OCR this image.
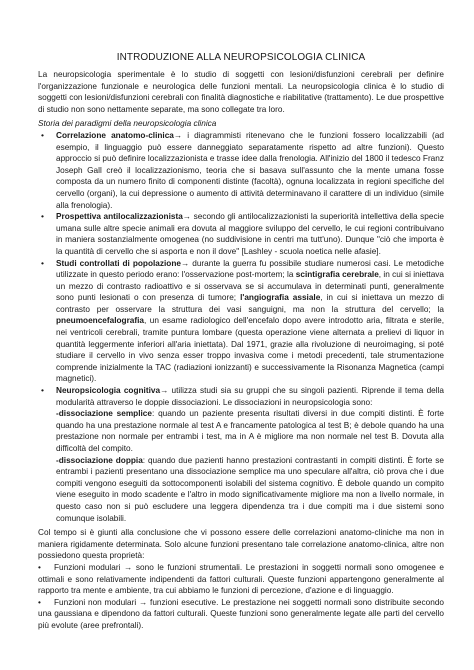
INTRODUZIONE ALLA NEUROPSICOLOGIA CLINICA

La neuropsicologia sperimentale è lo studio di soggetti con lesioni/disfunzioni cerebrali per definire l'organizzazione funzionale e neurologica delle funzioni mentali. La neuropsicologia clinica è lo studio di soggetti con lesioni/disfunzioni cerebrali con finalità diagnostiche e riabilitative (trattamento). Le due prospettive di studio non sono nettamente separate, ma sono collegate tra loro.

Storia dei paradigmi della neuropsicologia clinica

• Correlazione anatomo-clinica→ i diagrammisti ritenevano che le funzioni fossero localizzabili (ad esempio, il linguaggio può essere danneggiato separatamente rispetto ad altre funzioni). Questo approccio si può definire localizzazionista e trasse idee dalla frenologia. All'inizio del 1800 il tedesco Franz Joseph Gall creò il localizzazionismo, teoria che si basava sull'assunto che la mente umana fosse composta da un numero finito di componenti distinte (facoltà), ognuna localizzata in regioni specifiche del cervello (organi), la cui depressione o aumento di attività determinavano il carattere di un individuo (simile alla frenologia).
• Prospettiva antilocalizzazionista→ secondo gli antilocalizzazionisti la superiorità intellettiva della specie umana sulle altre specie animali era dovuta al maggiore sviluppo del cervello, le cui regioni contribuivano in maniera sostanzialmente omogenea (no suddivisione in centri ma tutt'uno). Dunque "ciò che importa è la quantità di cervello che si asporta e non il dove" [Lashley - scuola noetica nelle afasie].
• Studi controllati di popolazione→ durante la guerra fu possibile studiare numerosi casi. Le metodiche utilizzate in questo periodo erano: l'osservazione post-mortem; la scintigrafia cerebrale, in cui si iniettava un mezzo di contrasto radioattivo e si osservava se si accumulava in determinati punti, generalmente sono punti lesionati o con presenza di tumore; l'angiografia assiale, in cui si iniettava un mezzo di contrasto per osservare la struttura dei vasi sanguigni, ma non la struttura del cervello; la pneumoencefalografia, un esame radiologico dell'encefalo dopo avere introdotto aria, filtrata e sterile, nei ventricoli cerebrali, tramite puntura lombare (questa operazione viene alternata a prelievi di liquor in quantità leggermente inferiori all'aria iniettata). Dal 1971, grazie alla rivoluzione di neuroimaging, si poté studiare il cervello in vivo senza esser troppo invasiva come i metodi precedenti, tale strumentazione comprende inizialmente la TAC (radiazioni ionizzanti) e successivamente la Risonanza Magnetica (campi magnetici).
• Neuropsicologia cognitiva→ utilizza studi sia su gruppi che su singoli pazienti. Riprende il tema della modularità attraverso le doppie dissociazioni. Le dissociazioni in neuropsicologia sono:
-dissociazione semplice: quando un paziente presenta risultati diversi in due compiti distinti. È forte quando ha una prestazione normale al test A e francamente patologica al test B; è debole quando ha una prestazione non normale per entrambi i test, ma in A è migliore ma non normale nel test B. Dovuta alla difficoltà del compito.
-dissociazione doppia: quando due pazienti hanno prestazioni contrastanti in compiti distinti. È forte se entrambi i pazienti presentano una dissociazione semplice ma uno speculare all'altra, ciò prova che i due compiti vengono eseguiti da sottocomponenti isolabili del sistema cognitivo. È debole quando un compito viene eseguito in modo scadente e l'altro in modo significativamente migliore ma non a livello normale, in questo caso non si può escludere una leggera dipendenza tra i due compiti ma i due sistemi sono comunque isolabili.

Col tempo si è giunti alla conclusione che vi possono essere delle correlazioni anatomo-cliniche ma non in maniera rigidamente determinata. Solo alcune funzioni presentano tale correlazione anatomo-clinica, altre non possiedono questa proprietà:

• Funzioni modulari → sono le funzioni strumentali. Le prestazioni in soggetti normali sono omogenee e ottimali e sono relativamente indipendenti da fattori culturali. Queste funzioni appartengono generalmente al rapporto tra mente e ambiente, tra cui abbiamo le funzioni di percezione, d'azione e di linguaggio.

• Funzioni non modulari → funzioni esecutive. Le prestazione nei soggetti normali sono distribuite secondo una gaussiana e dipendono da fattori culturali. Queste funzioni sono generalmente legate alle parti del cervello più evolute (aree prefrontali).
